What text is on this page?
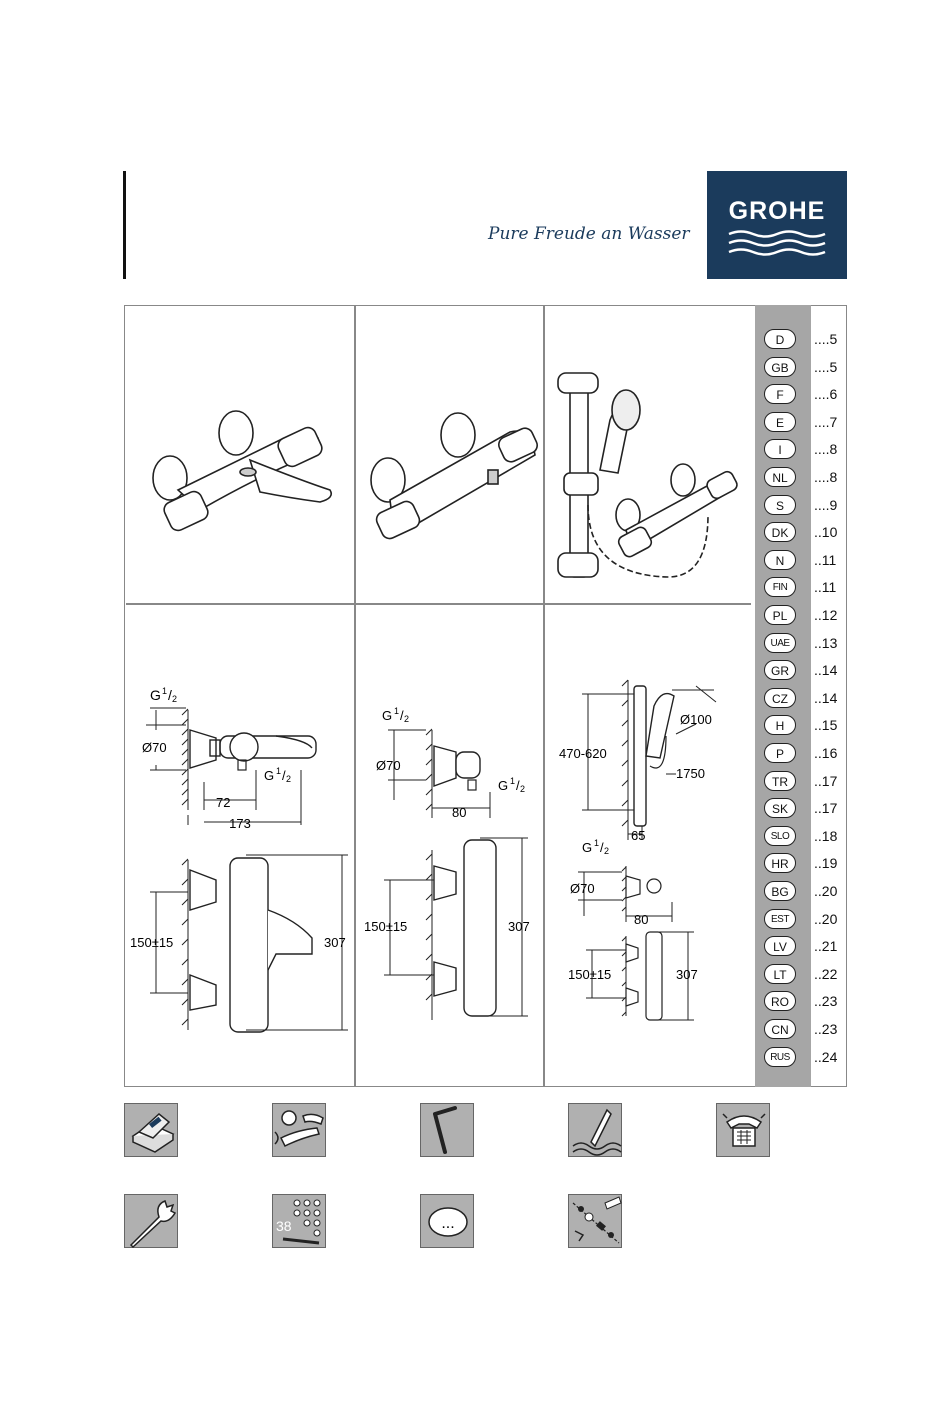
Pure Freude an Wasser
GROHE
D	....5
GB	....5
F	....6
E	....7
I	....8
NL	....8
S	....9
DK	..10
N	..11
FIN	..11
PL	..12
UAE	..13
GR	..14
CZ	..14
H	..15
P	..16
TR	..17
SK	..17
SLO	..18
HR	..19
BG	..20
EST	..20
LV	..21
LT	..22
RO	..23
CN	..23
RUS	..24
G 1 / 2
Ø70
G 1 / 2
72
173
150±15	307
G 1 / 2
Ø70
G 1 / 2
80
150±15	307
470-620
Ø100
1750
65
G 1 / 2
Ø70
80
150±15	307
38	...
